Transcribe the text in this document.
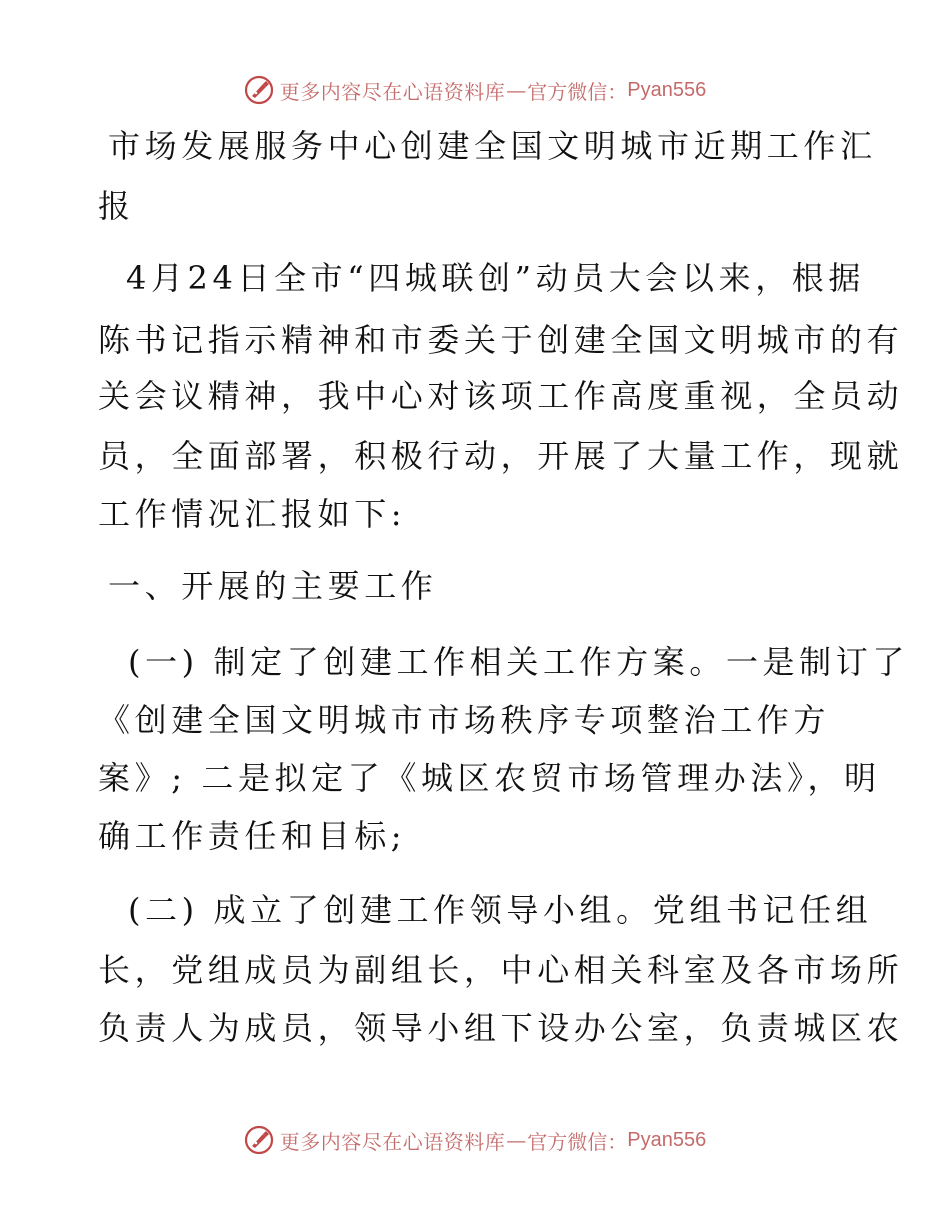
更多内容尽在心语资料库 — 官方微信： Pyan556
市场发展服务中心创建全国文明城市近期工作汇
报
4月24日全市“四城联创”动员大会以来，根据
陈书记指示精神和市委关于创建全国文明城市的有
关会议精神，我中心对该项工作高度重视，全员动
员，全面部署，积极行动，开展了大量工作，现就
工作情况汇报如下:
一、开展的主要工作
(一) 制定了创建工作相关工作方案。一是制订了
《创建全国文明城市市场秩序专项整治工作方
案》; 二是拟定了《城区农贸市场管理办法》，明
确工作责任和目标;
(二) 成立了创建工作领导小组。党组书记任组
长，党组成员为副组长，中心相关科室及各市场所
负责人为成员，领导小组下设办公室，负责城区农
更多内容尽在心语资料库 — 官方微信： Pyan556
